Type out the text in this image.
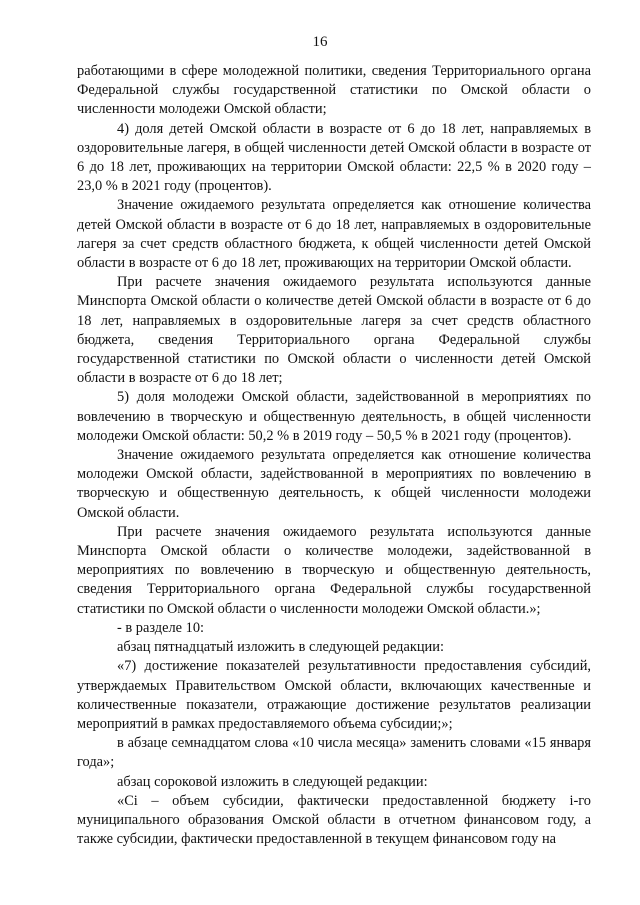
16

работающими в сфере молодежной политики, сведения Территориального органа Федеральной службы государственной статистики по Омской области о численности молодежи Омской области;

4) доля детей Омской области в возрасте от 6 до 18 лет, направляемых в оздоровительные лагеря, в общей численности детей Омской области в возрасте от 6 до 18 лет, проживающих на территории Омской области: 22,5 % в 2020 году – 23,0 % в 2021 году (процентов).

Значение ожидаемого результата определяется как отношение количества детей Омской области в возрасте от 6 до 18 лет, направляемых в оздоровительные лагеря за счет средств областного бюджета, к общей численности детей Омской области в возрасте от 6 до 18 лет, проживающих на территории Омской области.

При расчете значения ожидаемого результата используются данные Минспорта Омской области о количестве детей Омской области в возрасте от 6 до 18 лет, направляемых в оздоровительные лагеря за счет средств областного бюджета, сведения Территориального органа Федеральной службы государственной статистики по Омской области о численности детей Омской области в возрасте от 6 до 18 лет;

5) доля молодежи Омской области, задействованной в мероприятиях по вовлечению в творческую и общественную деятельность, в общей численности молодежи Омской области: 50,2 % в 2019 году – 50,5 % в 2021 году (процентов).

Значение ожидаемого результата определяется как отношение количества молодежи Омской области, задействованной в мероприятиях по вовлечению в творческую и общественную деятельность, к общей численности молодежи Омской области.

При расчете значения ожидаемого результата используются данные Минспорта Омской области о количестве молодежи, задействованной в мероприятиях по вовлечению в творческую и общественную деятельность, сведения Территориального органа Федеральной службы государственной статистики по Омской области о численности молодежи Омской области.»;

- в разделе 10:

абзац пятнадцатый изложить в следующей редакции:

«7) достижение показателей результативности предоставления субсидий, утверждаемых Правительством Омской области, включающих качественные и количественные показатели, отражающие достижение результатов реализации мероприятий в рамках предоставляемого объема субсидии;»;

в абзаце семнадцатом слова «10 числа месяца» заменить словами «15 января года»;

абзац сороковой изложить в следующей редакции:

«Ci – объем субсидии, фактически предоставленной бюджету i-го муниципального образования Омской области в отчетном финансовом году, а также субсидии, фактически предоставленной в текущем финансовом году на
